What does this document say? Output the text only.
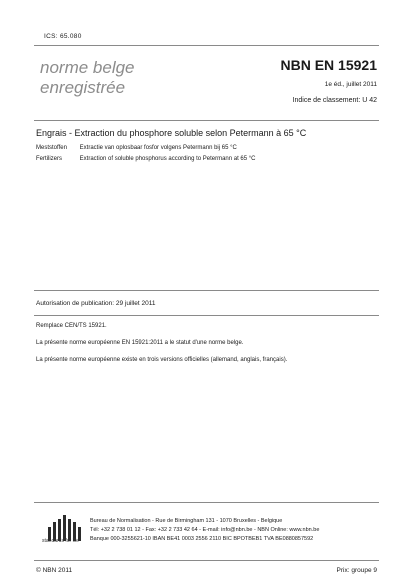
ICS: 65.080
norme belge
enregistrée
NBN EN 15921
1e éd., juillet 2011
Indice de classement: U 42
Engrais - Extraction du phosphore soluble selon Petermann à 65 °C
Meststoffen Extractie van oplosbaar fosfor volgens Petermann bij 65 °C
Fertilizers	Extraction of soluble phosphorus according to Petermann at 65 °C
Autorisation de publication: 29 juillet 2011
Remplace CEN/TS 15921.
La présente norme européenne EN 15921:2011 a le statut d'une norme belge.
La présente norme européenne existe en trois versions officielles (allemand, anglais, français).
standards for life
Bureau de Normalisation - Rue de Birmingham 131 - 1070 Bruxelles - Belgique
Tél: +32 2 738 01 12 - Fax: +32 2 733 42 64 - E-mail: info@nbn.be - NBN Online: www.nbn.be
Banque 000-3255621-10 IBAN BE41 0003 2556 2110 BIC BPOTBEB1 TVA BE0880857592
© NBN 2011	Prix: groupe 9
